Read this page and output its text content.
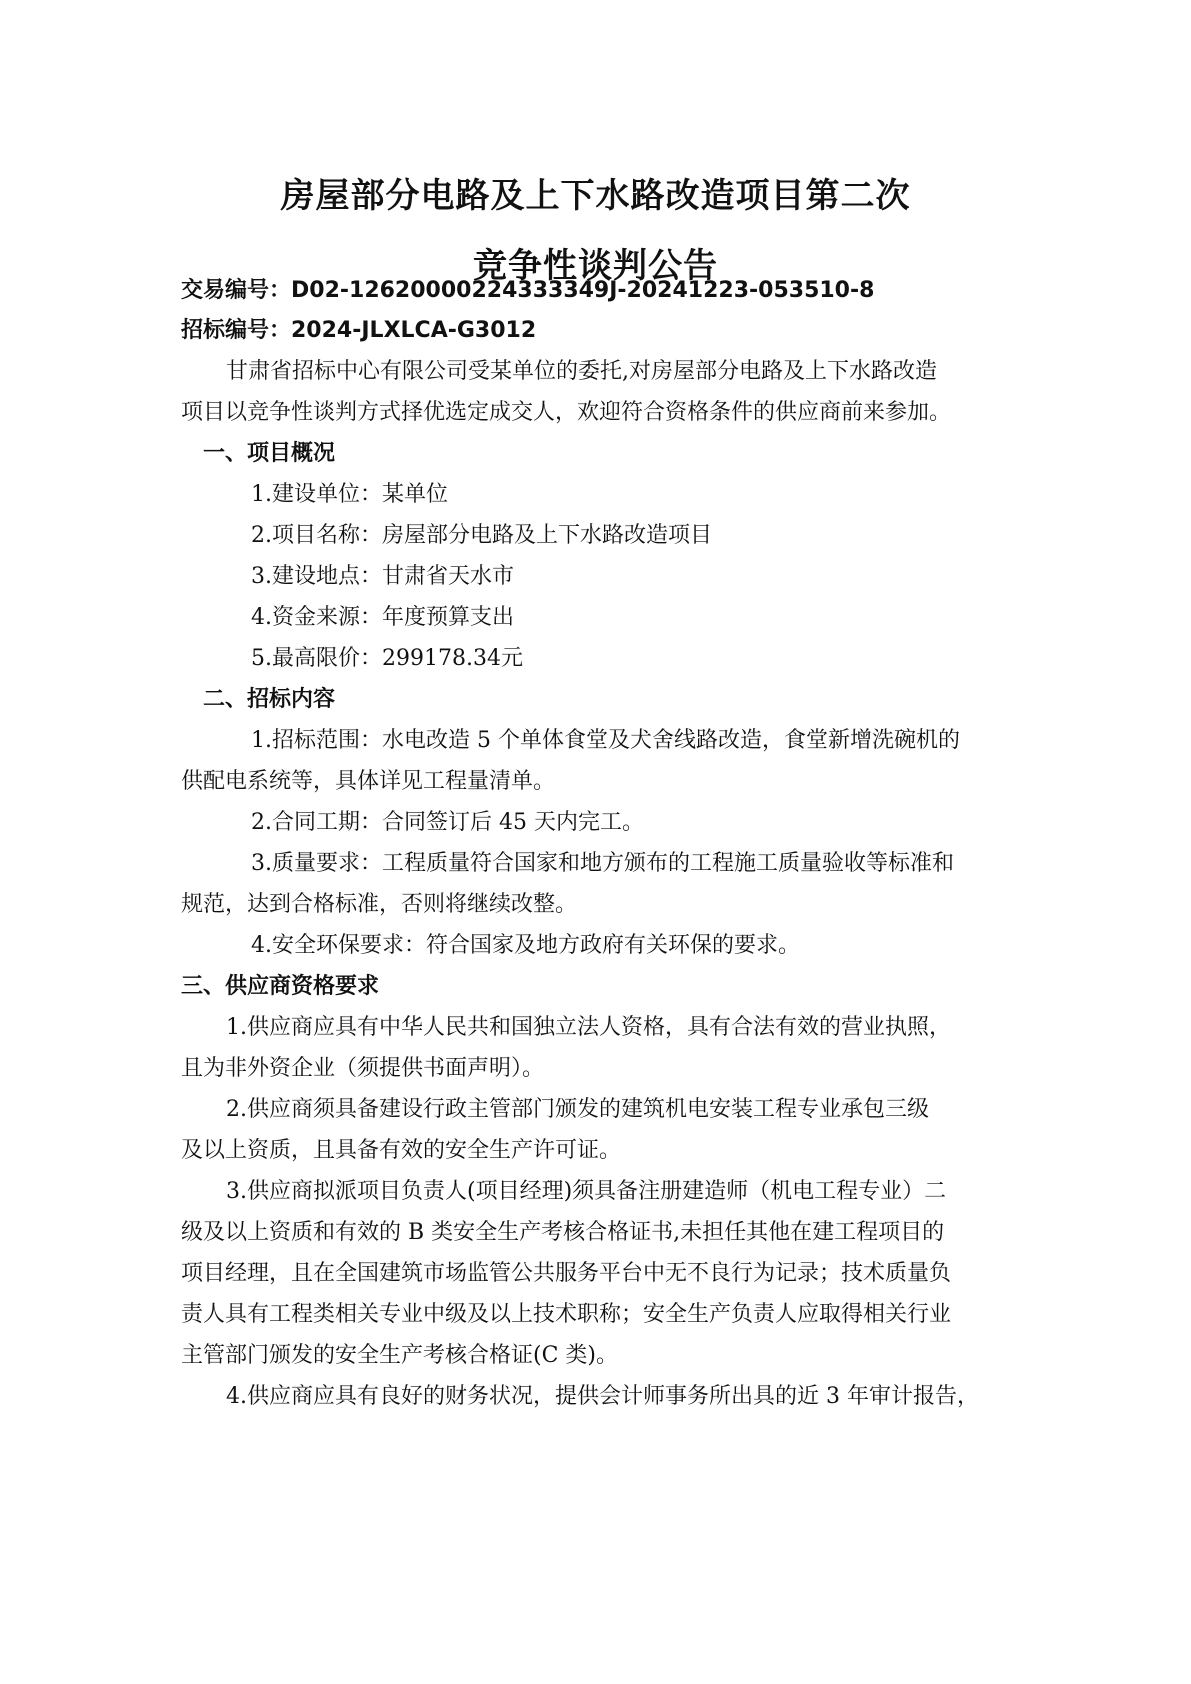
房屋部分电路及上下水路改造项目第二次
竞争性谈判公告
交易编号：D02-12620000224333349J-20241223-053510-8
招标编号：2024-JLXLCA-G3012
甘肃省招标中心有限公司受某单位的委托,对房屋部分电路及上下水路改造
项目以竞争性谈判方式择优选定成交人，欢迎符合资格条件的供应商前来参加。
一、项目概况
1.建设单位：某单位
2.项目名称：房屋部分电路及上下水路改造项目
3.建设地点：甘肃省天水市
4.资金来源：年度预算支出
5.最高限价：299178.34元
二、招标内容
1.招标范围：水电改造 5 个单体食堂及犬舍线路改造，食堂新增洗碗机的
供配电系统等，具体详见工程量清单。
2.合同工期：合同签订后 45 天内完工。
3.质量要求：工程质量符合国家和地方颁布的工程施工质量验收等标准和
规范，达到合格标准，否则将继续改整。
4.安全环保要求：符合国家及地方政府有关环保的要求。
三、供应商资格要求
1.供应商应具有中华人民共和国独立法人资格，具有合法有效的营业执照，
且为非外资企业（须提供书面声明）。
2.供应商须具备建设行政主管部门颁发的建筑机电安装工程专业承包三级
及以上资质，且具备有效的安全生产许可证。
3.供应商拟派项目负责人(项目经理)须具备注册建造师（机电工程专业）二
级及以上资质和有效的 B 类安全生产考核合格证书,未担任其他在建工程项目的
项目经理，且在全国建筑市场监管公共服务平台中无不良行为记录；技术质量负
责人具有工程类相关专业中级及以上技术职称；安全生产负责人应取得相关行业
主管部门颁发的安全生产考核合格证(C 类)。
4.供应商应具有良好的财务状况，提供会计师事务所出具的近 3 年审计报告，
